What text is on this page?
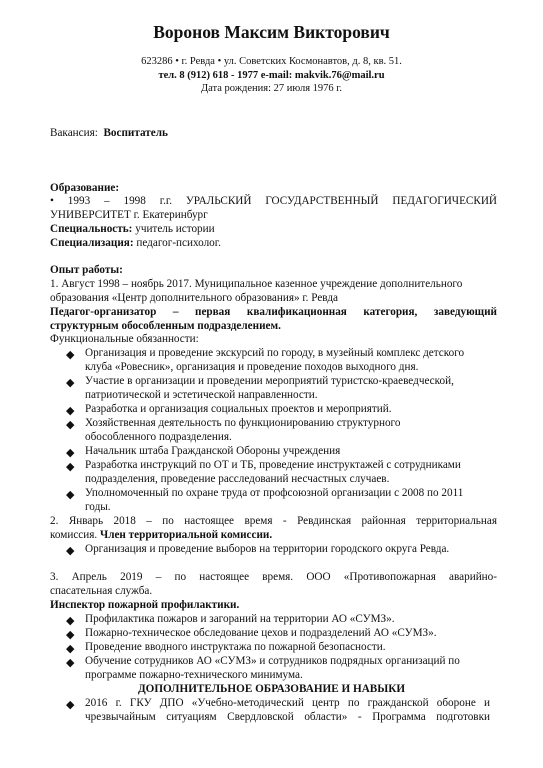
Воронов Максим Викторович
623286 • г. Ревда • ул. Советских Космонавтов, д. 8, кв. 51.
тел. 8 (912) 618 - 1977 e-mail: makvik.76@mail.ru
Дата рождения: 27 июля 1976 г.
Вакансия: Воспитатель
Образование:
• 1993 – 1998 г.г. УРАЛЬСКИЙ ГОСУДАРСТВЕННЫЙ ПЕДАГОГИЧЕСКИЙ
УНИВЕРСИТЕТ г. Екатеринбург
Специальность: учитель истории
Специализация: педагог-психолог.
Опыт работы:
1. Август 1998 – ноябрь 2017. Муниципальное казенное учреждение дополнительного
образования «Центр дополнительного образования» г. Ревда
Педагог-организатор – первая квалификационная категория, заведующий
структурным обособленным подразделением.
Функциональные обязанности:
◆ Организация и проведение экскурсий по городу, в музейный комплекс детского
клуба «Ровесник», организация и проведение походов выходного дня.
◆ Участие в организации и проведении мероприятий туристско-краеведческой,
патриотической и эстетической направленности.
◆ Разработка и организация социальных проектов и мероприятий.
◆ Хозяйственная деятельность по функционированию структурного
обособленного подразделения.
◆ Начальник штаба Гражданской Обороны учреждения
◆ Разработка инструкций по ОТ и ТБ, проведение инструктажей с сотрудниками
подразделения, проведение расследований несчастных случаев.
◆ Уполномоченный по охране труда от профсоюзной организации с 2008 по 2011
годы.
2. Январь 2018 – по настоящее время - Ревдинская районная территориальная
комиссия. Член территориальной комиссии.
◆ Организация и проведение выборов на территории городского округа Ревда.
3. Апрель 2019 – по настоящее время. ООО «Противопожарная аварийно-
спасательная служба.
Инспектор пожарной профилактики.
◆ Профилактика пожаров и загораний на территории АО «СУМЗ».
◆ Пожарно-техническое обследование цехов и подразделений АО «СУМЗ».
◆ Проведение вводного инструктажа по пожарной безопасности.
◆ Обучение сотрудников АО «СУМЗ» и сотрудников подрядных организаций по
программе пожарно-технического минимума.
ДОПОЛНИТЕЛЬНОЕ ОБРАЗОВАНИЕ И НАВЫКИ
◆ 2016 г. ГКУ ДПО «Учебно-методический центр по гражданской обороне и
чрезвычайным ситуациям Свердловской области» - Программа подготовки
